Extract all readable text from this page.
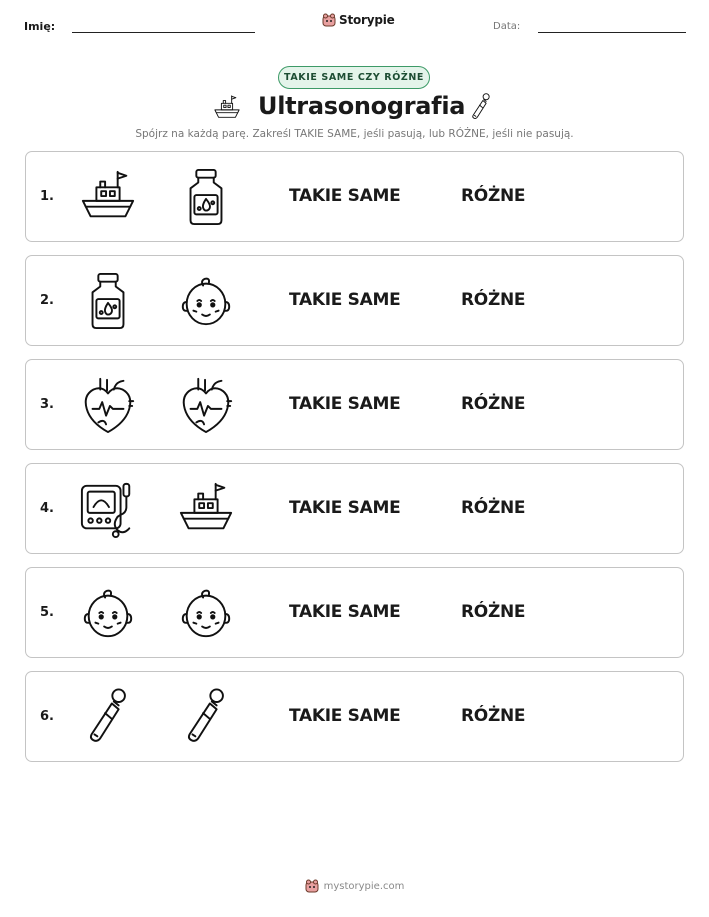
Imię:	Storypie	Data:
TAKIE SAME CZY RÓŻNE
Ultrasonografia
Spójrz na każdą parę. Zakreśl TAKIE SAME, jeśli pasują, lub RÓŻNE, jeśli nie pasują.
1.	TAKIE SAME	RÓŻNE
2.	TAKIE SAME	RÓŻNE
3.	TAKIE SAME	RÓŻNE
4.	TAKIE SAME	RÓŻNE
5.	TAKIE SAME	RÓŻNE
6.	TAKIE SAME	RÓŻNE
mystorypie.com
